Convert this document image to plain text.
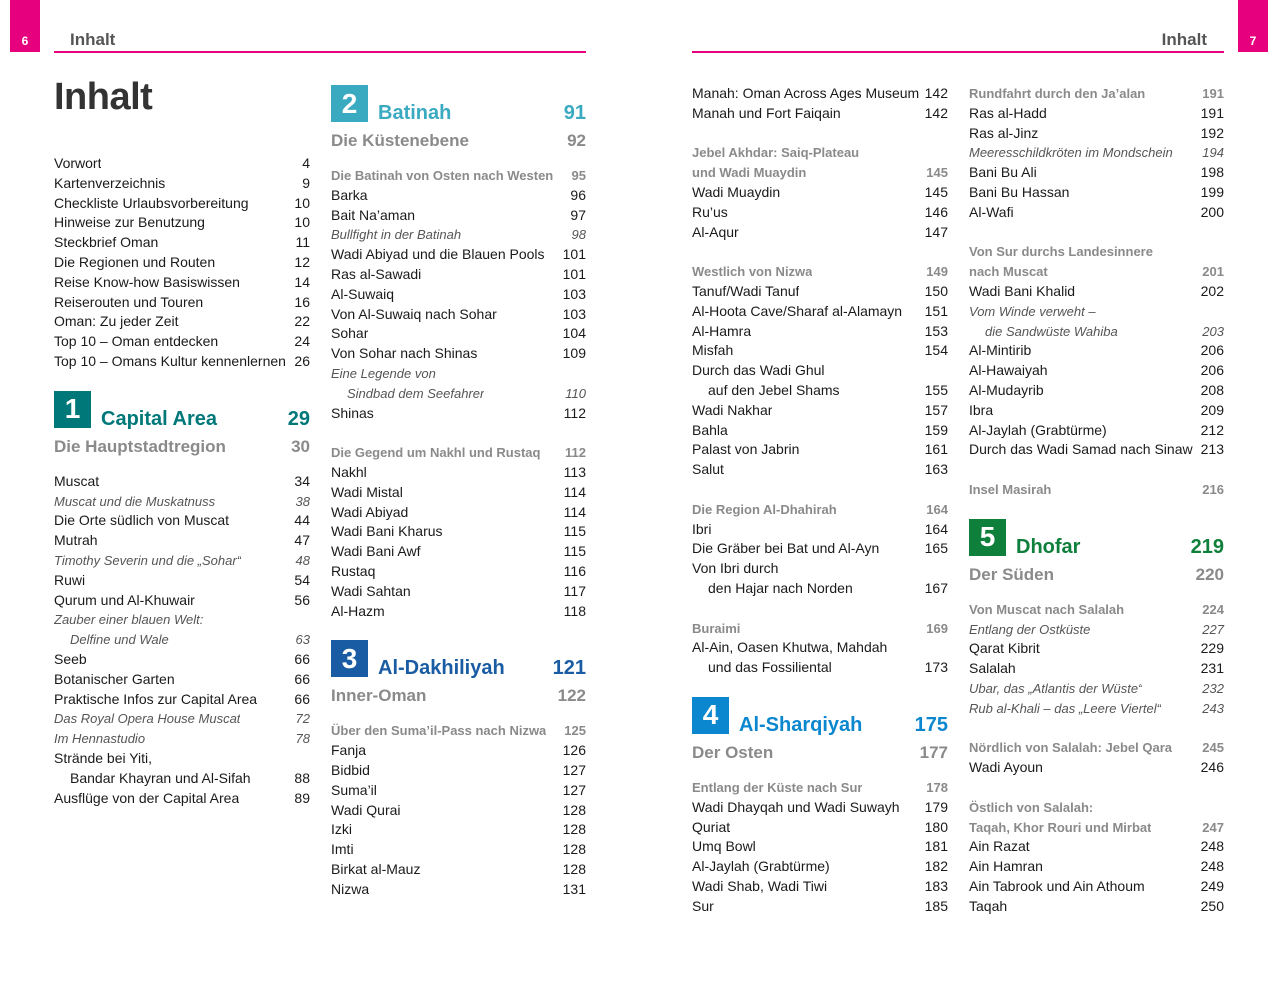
6	Inhalt	Inhalt	7
Inhalt
Vorwort	4
Kartenverzeichnis	9
Checkliste Urlaubsvorbereitung	10
Hinweise zur Benutzung	10
Steckbrief Oman	11
Die Regionen und Routen	12
Reise Know-how Basiswissen	14
Reiserouten und Touren	16
Oman: Zu jeder Zeit	22
Top 10 – Oman entdecken	24
Top 10 – Omans Kultur kennenlernen 26
1	Capital Area	29
Die Hauptstadtregion	30
Muscat	34
Muscat und die Muskatnuss	38
Die Orte südlich von Muscat	44
Mutrah	47
Timothy Severin und die „Sohar“	48
Ruwi	54
Qurum und Al-Khuwair	56
Zauber einer blauen Welt:
Delfine und Wale	63
Seeb	66
Botanischer Garten	66
Praktische Infos zur Capital Area	66
Das Royal Opera House Muscat	72
Im Hennastudio	78
Strände bei Yiti,
Bandar Khayran und Al-Sifah	88
Ausflüge von der Capital Area	89
2	Batinah	91
Die Küstenebene	92
Die Batinah von Osten nach Westen	95
Barka	96
Bait Na’aman	97
Bullfight in der Batinah	98
Wadi Abiyad und die Blauen Pools 101
Ras al-Sawadi	101
Al-Suwaiq	103
Von Al-Suwaiq nach Sohar	103
Sohar	104
Von Sohar nach Shinas	109
Eine Legende von
Sindbad dem Seefahrer	110
Shinas	112
Die Gegend um Nakhl und Rustaq	112
Nakhl	113
Wadi Mistal	114
Wadi Abiyad	114
Wadi Bani Kharus	115
Wadi Bani Awf	115
Rustaq	116
Wadi Sahtan	117
Al-Hazm	118
3	Al-Dakhiliyah 121
Inner-Oman	122
Über den Suma’il-Pass nach Nizwa	125
Fanja	126
Bidbid	127
Suma’il	127
Wadi Qurai	128
Izki	128
Imti	128
Birkat al-Mauz	128
Nizwa	131
Manah: Oman Across Ages Museum 142
Manah und Fort Faiqain	142
Jebel Akhdar: Saiq-Plateau
und Wadi Muaydin	145
Wadi Muaydin	145
Ru’us	146
Al-Aqur	147
Westlich von Nizwa	149
Tanuf/Wadi Tanuf	150
Al-Hoota Cave/Sharaf al-Alamayn 151
Al-Hamra	153
Misfah	154
Durch das Wadi Ghul
auf den Jebel Shams	155
Wadi Nakhar	157
Bahla	159
Palast von Jabrin	161
Salut	163
Die Region Al-Dhahirah	164
Ibri	164
Die Gräber bei Bat und Al-Ayn	165
Von Ibri durch
den Hajar nach Norden	167
Buraimi	169
Al-Ain, Oasen Khutwa, Mahdah
und das Fossiliental	173
4	Al-Sharqiyah	175
Der Osten	177
Entlang der Küste nach Sur	178
Wadi Dhayqah und Wadi Suwayh 179
Quriat	180
Umq Bowl	181
Al-Jaylah (Grabtürme)	182
Wadi Shab, Wadi Tiwi	183
Sur	185
Rundfahrt durch den Ja’alan	191
Ras al-Hadd	191
Ras al-Jinz	192
Meeresschildkröten im Mondschein	194
Bani Bu Ali	198
Bani Bu Hassan	199
Al-Wafi	200
Von Sur durchs Landesinnere
nach Muscat	201
Wadi Bani Khalid	202
Vom Winde verweht –
die Sandwüste Wahiba	203
Al-Mintirib	206
Al-Hawaiyah	206
Al-Mudayrib	208
Ibra	209
Al-Jaylah (Grabtürme)	212
Durch das Wadi Samad nach Sinaw 213
Insel Masirah	216
5	Dhofar	219
Der Süden	220
Von Muscat nach Salalah	224
Entlang der Ostküste	227
Qarat Kibrit	229
Salalah	231
Ubar, das „Atlantis der Wüste“	232
Rub al-Khali – das „Leere Viertel“	243
Nördlich von Salalah: Jebel Qara	245
Wadi Ayoun	246
Östlich von Salalah:
Taqah, Khor Rouri und Mirbat	247
Ain Razat	248
Ain Hamran	248
Ain Tabrook und Ain Athoum	249
Taqah	250
